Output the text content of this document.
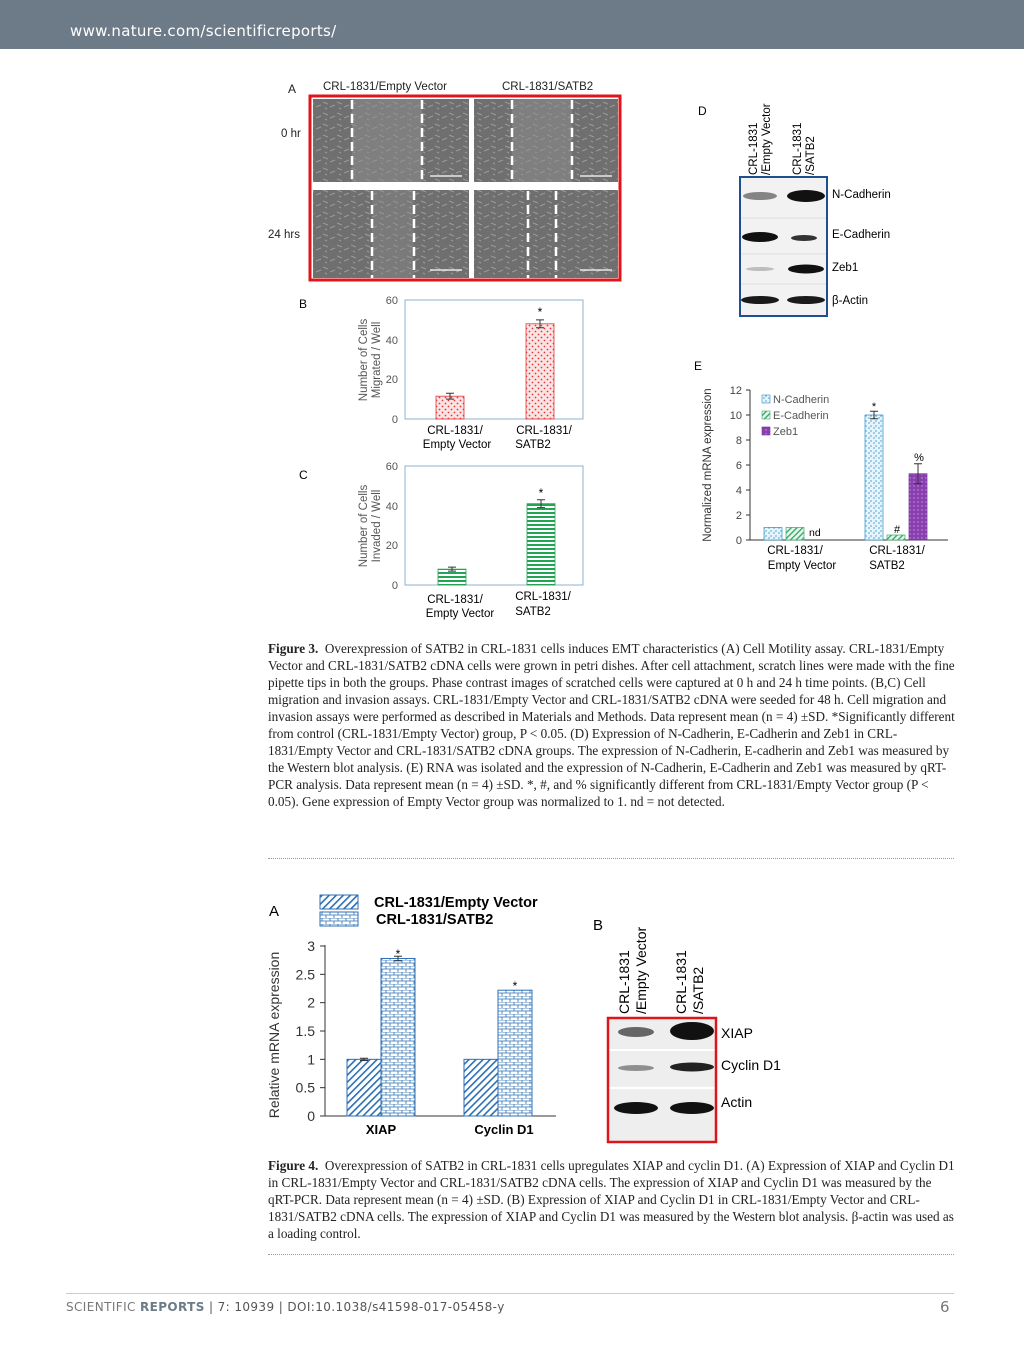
www.nature.com/scientificreports/
A CRL-1831/Empty Vector	CRL-1831/SATB2
0 hr
24 hrs
B	60
40
20
0
Number of Cells Migrated / Well
*
CRL-1831/
Empty Vector
CRL-1831/
SATB2
C
60
40
20
0
Number of Cells Invaded / Well	*
CRL-1831/
Empty Vector
CRL-1831/
SATB2
D
CRL-1831 /Empty Vector CRL-1831 /SATB2
N-Cadherin
E-Cadherin
Zeb1
β-Actin
E
Normalized mRNA expression 0
2
4
6
8
10
12
N-Cadherin
E-Cadherin
Zeb1
nd
*
#
%
CRL-1831/
Empty Vector
CRL-1831/
SATB2
Figure 3. Overexpression of SATB2 in CRL-1831 cells induces EMT characteristics (A) Cell Motility assay. CRL-1831/Empty Vector and CRL-1831/SATB2 cDNA cells were grown in petri dishes. After cell attachment, scratch lines were made with the fine pipette tips in both the groups. Phase contrast images of scratched cells were captured at 0 h and 24 h time points. (B,C) Cell migration and invasion assays. CRL-1831/Empty Vector and CRL-1831/SATB2 cDNA were seeded for 48 h. Cell migration and invasion assays were performed as described in Materials and Methods. Data represent mean (n = 4) ±SD. *Significantly different from control (CRL-1831/Empty Vector) group, P < 0.05. (D) Expression of N-Cadherin, E-Cadherin and Zeb1 in CRL-1831/Empty Vector and CRL-1831/SATB2 cDNA groups. The expression of N-Cadherin, E-cadherin and Zeb1 was measured by the Western blot analysis. (E) RNA was isolated and the expression of N-Cadherin, E-Cadherin and Zeb1 was measured by qRT-PCR analysis. Data represent mean (n = 4) ±SD. *, #, and % significantly different from CRL-1831/Empty Vector group (P < 0.05). Gene expression of Empty Vector group was normalized to 1. nd = not detected.
A	CRL-1831/Empty Vector
CRL-1831/SATB2
Relative mRNA expression 0
0.5
1
1.5
2
2.5
3	*
*
XIAP	Cyclin D1
B
CRL-1831 /Empty Vector CRL-1831 /SATB2
XIAP
Cyclin D1
Actin
Figure 4. Overexpression of SATB2 in CRL-1831 cells upregulates XIAP and cyclin D1. (A) Expression of XIAP and Cyclin D1 in CRL-1831/Empty Vector and CRL-1831/SATB2 cDNA cells. The expression of XIAP and Cyclin D1 was measured by the qRT-PCR. Data represent mean (n = 4) ±SD. (B) Expression of XIAP and Cyclin D1 in CRL-1831/Empty Vector and CRL-1831/SATB2 cDNA cells. The expression of XIAP and Cyclin D1 was measured by the Western blot analysis. β-actin was used as a loading control.
SCIENTIFIC REPORTS | 7: 10939 | DOI:10.1038/s41598-017-05458-y	6
